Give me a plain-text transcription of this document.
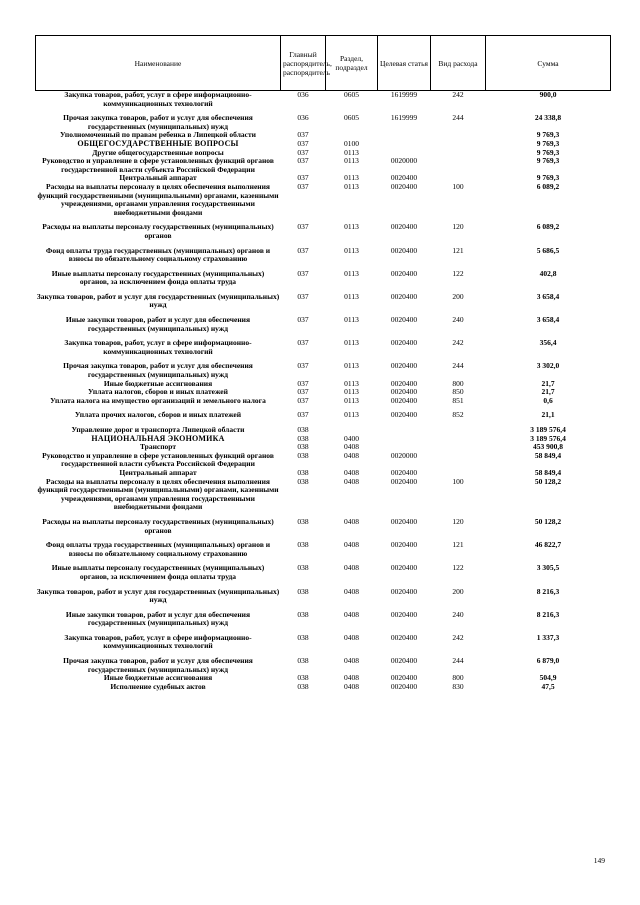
Наименование	Главный распорядитель, распорядитель	Раздел, подраздел	Целевая статья	Вид расхода	Сумма
Закупка товаров, работ, услуг в сфере информационно-коммуникационных технологий	036	0605	1619999	242	900,0
Прочая закупка товаров, работ и услуг для обеспечения государственных (муниципальных) нужд	036	0605	1619999	244	24 338,8
Уполномоченный по правам ребенка в Липецкой области	037				9 769,3
ОБЩЕГОСУДАРСТВЕННЫЕ ВОПРОСЫ	037	0100			9 769,3
Другие общегосударственные вопросы	037	0113			9 769,3
Руководство и управление в сфере установленных функций органов государственной власти субъекта Российской Федерации	037	0113	0020000		9 769,3
Центральный аппарат	037	0113	0020400		9 769,3
Расходы на выплаты персоналу в целях обеспечения выполнения функций государственными (муниципальными) органами, казенными учреждениями, органами управления государственными внебюджетными фондами	037	0113	0020400	100	6 089,2
Расходы на выплаты персоналу государственных (муниципальных) органов	037	0113	0020400	120	6 089,2
Фонд оплаты труда государственных (муниципальных) органов и взносы по обязательному социальному страхованию	037	0113	0020400	121	5 686,5
Иные выплаты персоналу государственных (муниципальных) органов, за исключением фонда оплаты труда	037	0113	0020400	122	402,8
Закупка товаров, работ и услуг для государственных (муниципальных) нужд	037	0113	0020400	200	3 658,4
Иные закупки товаров, работ и услуг для обеспечения государственных (муниципальных) нужд	037	0113	0020400	240	3 658,4
Закупка товаров, работ, услуг в сфере информационно-коммуникационных технологий	037	0113	0020400	242	356,4
Прочая закупка товаров, работ и услуг для обеспечения государственных (муниципальных) нужд	037	0113	0020400	244	3 302,0
Иные бюджетные ассигнования	037	0113	0020400	800	21,7
Уплата налогов, сборов и иных платежей	037	0113	0020400	850	21,7
Уплата налога на имущество организаций и земельного налога	037	0113	0020400	851	0,6
Уплата прочих налогов, сборов и иных платежей	037	0113	0020400	852	21,1
Управление дорог и транспорта Липецкой области	038				3 189 576,4
НАЦИОНАЛЬНАЯ ЭКОНОМИКА	038	0400			3 189 576,4
Транспорт	038	0408			453 900,8
Руководство и управление в сфере установленных функций органов государственной власти субъекта Российской Федерации	038	0408	0020000		58 849,4
Центральный аппарат	038	0408	0020400		58 849,4
Расходы на выплаты персоналу в целях обеспечения выполнения функций государственными (муниципальными) органами, казенными учреждениями, органами управления государственными внебюджетными фондами	038	0408	0020400	100	50 128,2
Расходы на выплаты персоналу государственных (муниципальных) органов	038	0408	0020400	120	50 128,2
Фонд оплаты труда государственных (муниципальных) органов и взносы по обязательному социальному страхованию	038	0408	0020400	121	46 822,7
Иные выплаты персоналу государственных (муниципальных) органов, за исключением фонда оплаты труда	038	0408	0020400	122	3 305,5
Закупка товаров, работ и услуг для государственных (муниципальных) нужд	038	0408	0020400	200	8 216,3
Иные закупки товаров, работ и услуг для обеспечения государственных (муниципальных) нужд	038	0408	0020400	240	8 216,3
Закупка товаров, работ, услуг в сфере информационно-коммуникационных технологий	038	0408	0020400	242	1 337,3
Прочая закупка товаров, работ и услуг для обеспечения государственных (муниципальных) нужд	038	0408	0020400	244	6 879,0
Иные бюджетные ассигнования	038	0408	0020400	800	504,9
Исполнение судебных актов	038	0408	0020400	830	47,5
149
